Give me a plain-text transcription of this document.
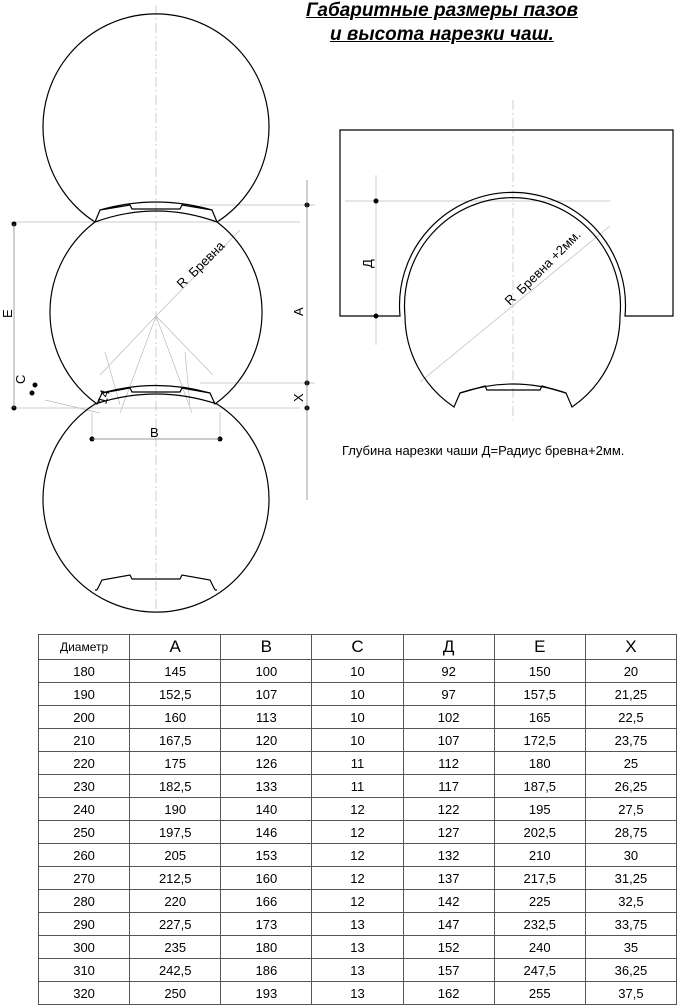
Габаритные размеры пазов
и высота нарезки чаш.
E
C
A
X
B
14
R
Бревна	Д
R
Бревна +2мм.
Глубина нарезки чаши Д=Радиус бревна+2мм.
Диаметр	А	В	С	Д	Е	Х
180	145	100	10	92	150	20
190	152,5	107	10	97	157,5	21,25
200	160	113	10	102	165	22,5
210	167,5	120	10	107	172,5	23,75
220	175	126	11	112	180	25
230	182,5	133	11	117	187,5	26,25
240	190	140	12	122	195	27,5
250	197,5	146	12	127	202,5	28,75
260	205	153	12	132	210	30
270	212,5	160	12	137	217,5	31,25
280	220	166	12	142	225	32,5
290	227,5	173	13	147	232,5	33,75
300	235	180	13	152	240	35
310	242,5	186	13	157	247,5	36,25
320	250	193	13	162	255	37,5
